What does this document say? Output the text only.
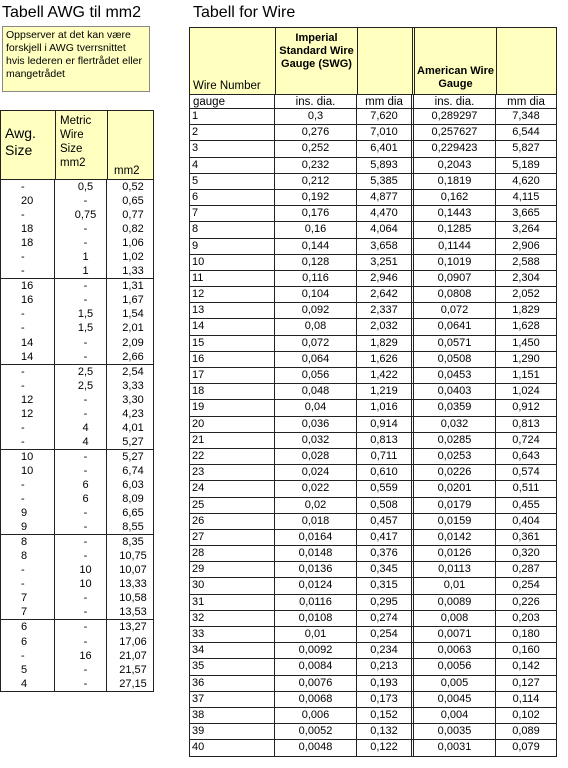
Tabell AWG til mm2	Tabell for Wire
Oppserver at det kan være forskjell i AWG tverrsnittet hvis lederen er flertrådet eller mangetrådet
Awg. Size
Metric Wire Size mm2
mm2
-	0,5	0,52
20	-	0,65
-	0,75	0,77
18	-	0,82
18	-	1,06
-	1	1,02
-	1	1,33
16	-	1,31
16	-	1,67
-	1,5	1,54
-	1,5	2,01
14	-	2,09
14	-	2,66
-	2,5	2,54
-	2,5	3,33
12	-	3,30
12	-	4,23
-	4	4,01
-	4	5,27
10	-	5,27
10	-	6,74
-	6	6,03
-	6	8,09
9	-	6,65
9	-	8,55
8	-	8,35
8	-	10,75
-	10	10,07
-	10	13,33
7	-	10,58
7	-	13,53
6	-	13,27
6	-	17,06
-	16	21,07
5	-	21,57
4	-	27,15
Wire Number
Imperial Standard Wire Gauge (SWG)
American Wire Gauge
gauge	ins. dia.	mm dia	ins. dia.	mm dia
1	0,3	7,620	0,289297	7,348
2	0,276	7,010	0,257627	6,544
3	0,252	6,401	0,229423	5,827
4	0,232	5,893	0,2043	5,189
5	0,212	5,385	0,1819	4,620
6	0,192	4,877	0,162	4,115
7	0,176	4,470	0,1443	3,665
8	0,16	4,064	0,1285	3,264
9	0,144	3,658	0,1144	2,906
10	0,128	3,251	0,1019	2,588
11	0,116	2,946	0,0907	2,304
12	0,104	2,642	0,0808	2,052
13	0,092	2,337	0,072	1,829
14	0,08	2,032	0,0641	1,628
15	0,072	1,829	0,0571	1,450
16	0,064	1,626	0,0508	1,290
17	0,056	1,422	0,0453	1,151
18	0,048	1,219	0,0403	1,024
19	0,04	1,016	0,0359	0,912
20	0,036	0,914	0,032	0,813
21	0,032	0,813	0,0285	0,724
22	0,028	0,711	0,0253	0,643
23	0,024	0,610	0,0226	0,574
24	0,022	0,559	0,0201	0,511
25	0,02	0,508	0,0179	0,455
26	0,018	0,457	0,0159	0,404
27	0,0164	0,417	0,0142	0,361
28	0,0148	0,376	0,0126	0,320
29	0,0136	0,345	0,0113	0,287
30	0,0124	0,315	0,01	0,254
31	0,0116	0,295	0,0089	0,226
32	0,0108	0,274	0,008	0,203
33	0,01	0,254	0,0071	0,180
34	0,0092	0,234	0,0063	0,160
35	0,0084	0,213	0,0056	0,142
36	0,0076	0,193	0,005	0,127
37	0,0068	0,173	0,0045	0,114
38	0,006	0,152	0,004	0,102
39	0,0052	0,132	0,0035	0,089
40	0,0048	0,122	0,0031	0,079
